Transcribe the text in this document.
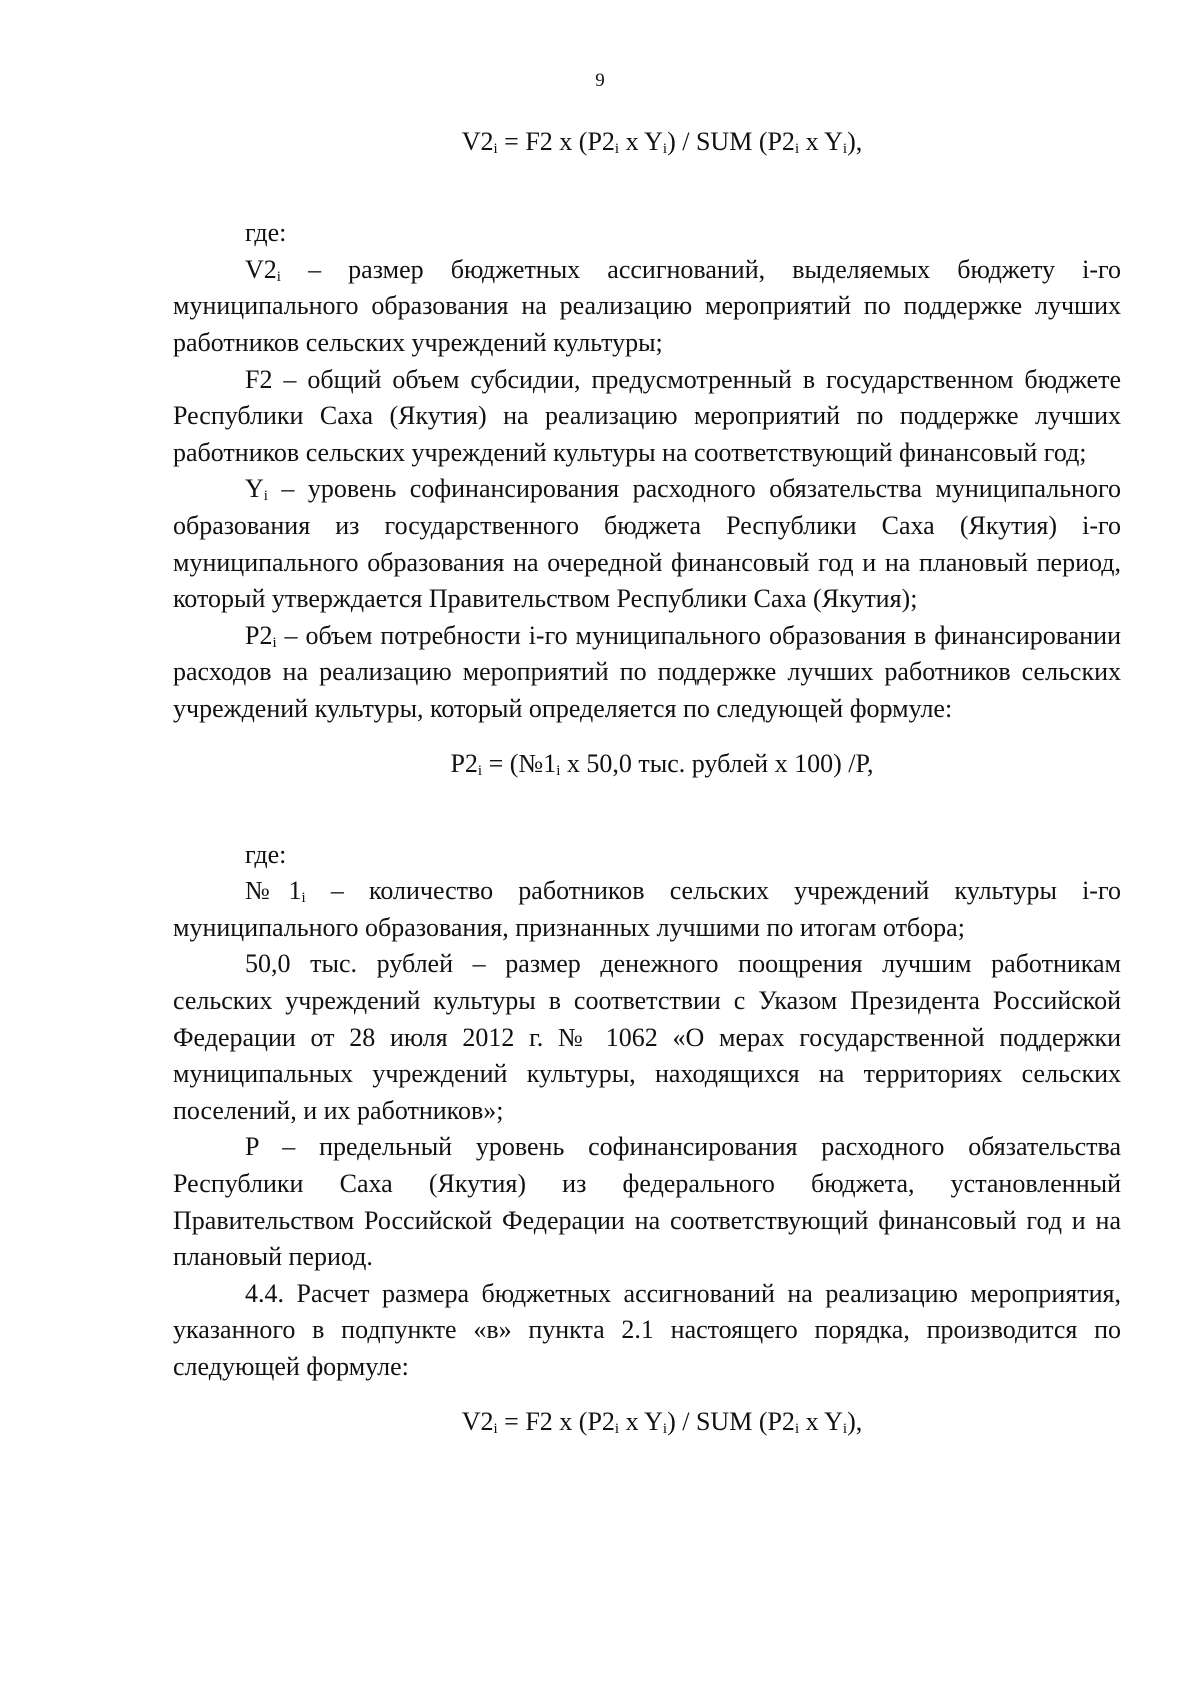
9

$V2_i = F2$ x ($P2_i$ x $Y_i$) / SUM ($P2_i$ x $Y_i$),

где:

$V2_i$ – размер бюджетных ассигнований, выделяемых бюджету i-го муниципального образования на реализацию мероприятий по поддержке лучших работников сельских учреждений культуры;

F2 – общий объем субсидии, предусмотренный в государственном бюджете Республики Саха (Якутия) на реализацию мероприятий по поддержке лучших работников сельских учреждений культуры на соответствующий финансовый год;

$Y_i$ – уровень софинансирования расходного обязательства муниципального образования из государственного бюджета Республики Саха (Якутия) i-го муниципального образования на очередной финансовый год и на плановый период, который утверждается Правительством Республики Саха (Якутия);

$P2_i$ – объем потребности i-го муниципального образования в финансировании расходов на реализацию мероприятий по поддержке лучших работников сельских учреждений культуры, который определяется по следующей формуле:

$P2_i$ = ($№1_i$ x 50,0 тыс. рублей x 100) /P,

где:

$№1_i$ – количество работников сельских учреждений культуры i-го муниципального образования, признанных лучшими по итогам отбора;

50,0 тыс. рублей – размер денежного поощрения лучшим работникам сельских учреждений культуры в соответствии с Указом Президента Российской Федерации от 28 июля 2012 г. № 1062 «О мерах государственной поддержки муниципальных учреждений культуры, находящихся на территориях сельских поселений, и их работников»;

P – предельный уровень софинансирования расходного обязательства Республики Саха (Якутия) из федерального бюджета, установленный Правительством Российской Федерации на соответствующий финансовый год и на плановый период.

4.4. Расчет размера бюджетных ассигнований на реализацию мероприятия, указанного в подпункте «в» пункта 2.1 настоящего порядка, производится по следующей формуле:

$V2_i = F2$ x ($P2_i$ x $Y_i$) / SUM ($P2_i$ x $Y_i$),
